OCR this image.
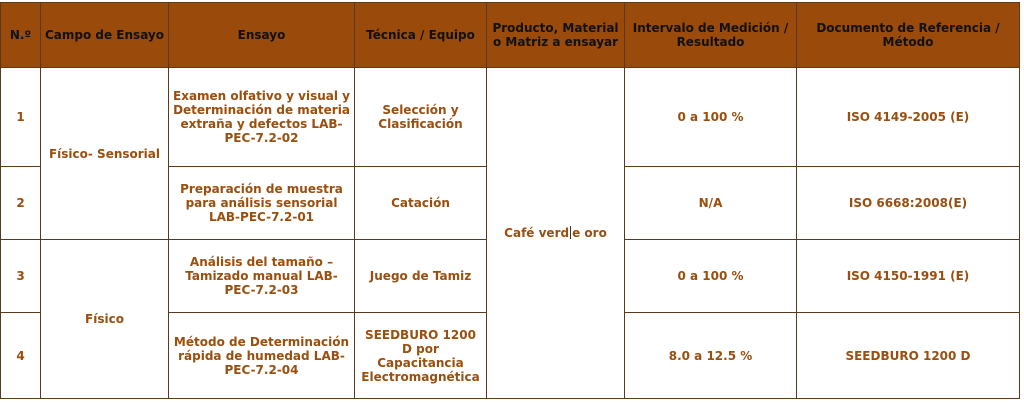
N.º	Campo de Ensayo	Ensayo	Técnica / Equipo	Producto, Material o Matriz a ensayar	Intervalo de Medición / Resultado	Documento de Referencia / Método
1	Físico- Sensorial	Examen olfativo y visual y Determinación de materia extraña y defectos LAB-PEC-7.2-02	Selección y Clasificación	Café verd e oro	0 a 100 %	ISO 4149-2005 (E)
2		Preparación de muestra para análisis sensorial LAB-PEC-7.2-01	Catación		N/A	ISO 6668:2008(E)
3	Físico	Análisis del tamaño – Tamizado manual LAB-PEC-7.2-03	Juego de Tamiz		0 a 100 %	ISO 4150-1991 (E)
4		Método de Determinación rápida de humedad LAB-PEC-7.2-04	SEEDBURO 1200 D por Capacitancia Electromagnética		8.0 a 12.5 %	SEEDBURO 1200 D
